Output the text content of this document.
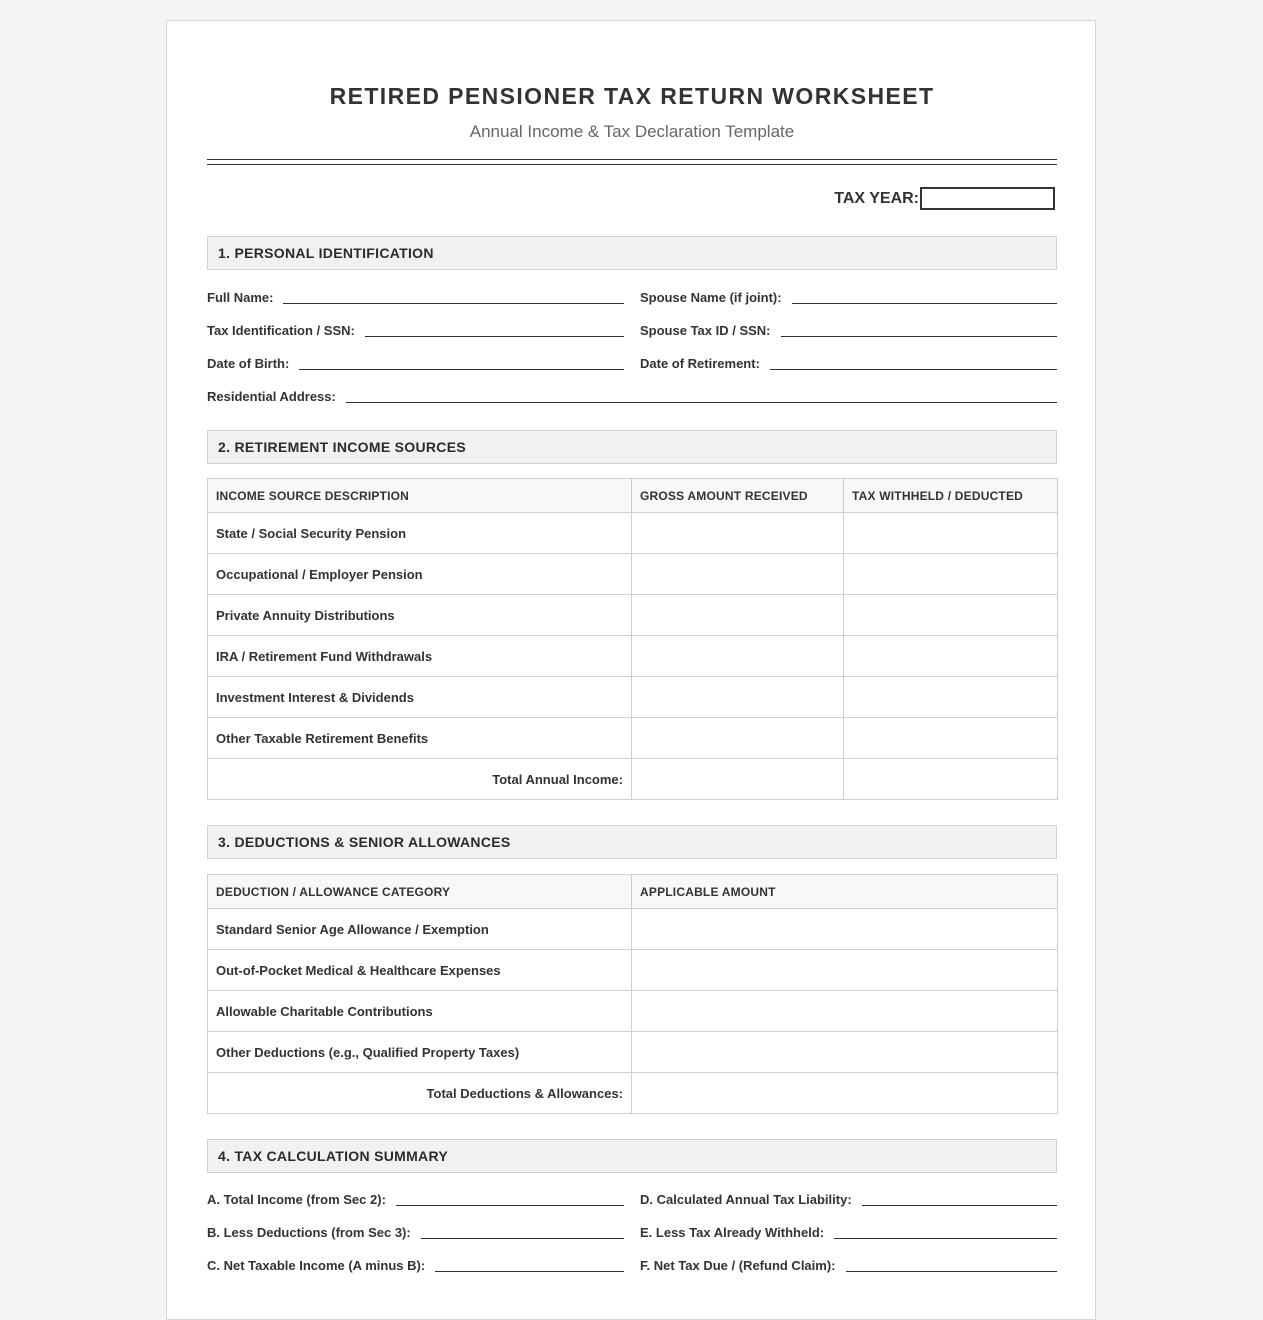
RETIRED PENSIONER TAX RETURN WORKSHEET
Annual Income & Tax Declaration Template
TAX YEAR:
1. PERSONAL IDENTIFICATION
Full Name:	Spouse Name (if joint):
Tax Identification / SSN:	Spouse Tax ID / SSN:
Date of Birth:	Date of Retirement:
Residential Address:
2. RETIREMENT INCOME SOURCES
INCOME SOURCE DESCRIPTION	GROSS AMOUNT RECEIVED	TAX WITHHELD / DEDUCTED
State / Social Security Pension		
Occupational / Employer Pension		
Private Annuity Distributions		
IRA / Retirement Fund Withdrawals		
Investment Interest & Dividends		
Other Taxable Retirement Benefits		
Total Annual Income:		
3. DEDUCTIONS & SENIOR ALLOWANCES
DEDUCTION / ALLOWANCE CATEGORY	APPLICABLE AMOUNT
Standard Senior Age Allowance / Exemption	
Out-of-Pocket Medical & Healthcare Expenses	
Allowable Charitable Contributions	
Other Deductions (e.g., Qualified Property Taxes)	
Total Deductions & Allowances:	
4. TAX CALCULATION SUMMARY
A. Total Income (from Sec 2):	D. Calculated Annual Tax Liability:
B. Less Deductions (from Sec 3):	E. Less Tax Already Withheld:
C. Net Taxable Income (A minus B):	F. Net Tax Due / (Refund Claim):
